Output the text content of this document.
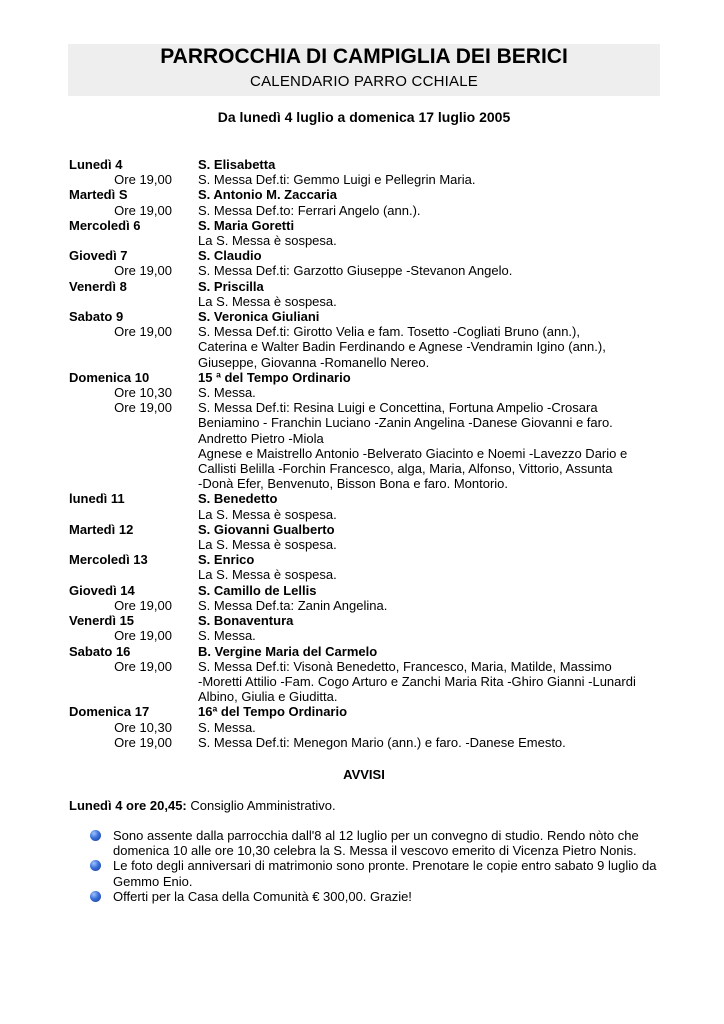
PARROCCHIA DI CAMPIGLIA DEI BERICI
CALENDARIO PARRO CCHIALE
Da lunedì 4 luglio a domenica 17 luglio 2005
Lunedì 4	S. Elisabetta
Ore 19,00	S. Messa Def.ti: Gemmo Luigi e Pellegrin Maria.
Martedì S	S. Antonio M. Zaccaria
Ore 19,00	S. Messa Def.to: Ferrari Angelo (ann.).
Mercoledì 6	S. Maria Goretti
La S. Messa è sospesa.
Giovedì 7	S. Claudio
Ore 19,00	S. Messa Def.ti: Garzotto Giuseppe -Stevanon Angelo.
Venerdì 8	S. Priscilla
La S. Messa è sospesa.
Sabato 9	S. Veronica Giuliani
Ore 19,00	S. Messa Def.ti: Girotto Velia e fam. Tosetto -Cogliati Bruno (ann.),
Caterina e Walter Badin Ferdinando e Agnese -Vendramin Igino (ann.),
Giuseppe, Giovanna -Romanello Nereo.
Domenica 10	15 ª del Tempo Ordinario
Ore 10,30	S. Messa.
Ore 19,00	S. Messa Def.ti: Resina Luigi e Concettina, Fortuna Ampelio -Crosara
Beniamino - Franchin Luciano -Zanin Angelina -Danese Giovanni e faro.
Andretto Pietro -Miola
Agnese e Maistrello Antonio -Belverato Giacinto e Noemi -Lavezzo Dario e
Callisti Belilla -Forchin Francesco, alga, Maria, Alfonso, Vittorio, Assunta
-Donà Efer, Benvenuto, Bisson Bona e faro. Montorio.
lunedì 11	S. Benedetto
La S. Messa è sospesa.
Martedì 12	S. Giovanni Gualberto
La S. Messa è sospesa.
Mercoledì 13	S. Enrico
La S. Messa è sospesa.
Giovedì 14	S. Camillo de Lellis
Ore 19,00	S. Messa Def.ta: Zanin Angelina.
Venerdì 15	S. Bonaventura
Ore 19,00	S. Messa.
Sabato 16	B. Vergine Maria del Carmelo
Ore 19,00	S. Messa Def.ti: Visonà Benedetto, Francesco, Maria, Matilde, Massimo
-Moretti Attilio -Fam. Cogo Arturo e Zanchi Maria Rita -Ghiro Gianni -Lunardi
Albino, Giulia e Giuditta.
Domenica 17	16ª del Tempo Ordinario
Ore 10,30	S. Messa.
Ore 19,00	S. Messa Def.ti: Menegon Mario (ann.) e faro. -Danese Emesto.
AVVISI
Lunedì 4 ore 20,45: Consiglio Amministrativo.
Sono assente dalla parrocchia dall'8 al 12 luglio per un convegno di studio. Rendo nòto che domenica 10 alle ore 10,30 celebra la S. Messa il vescovo emerito di Vicenza Pietro Nonis.
Le foto degli anniversari di matrimonio sono pronte. Prenotare le copie entro sabato 9 luglio da Gemmo Enio.
Offerti per la Casa della Comunità € 300,00. Grazie!
